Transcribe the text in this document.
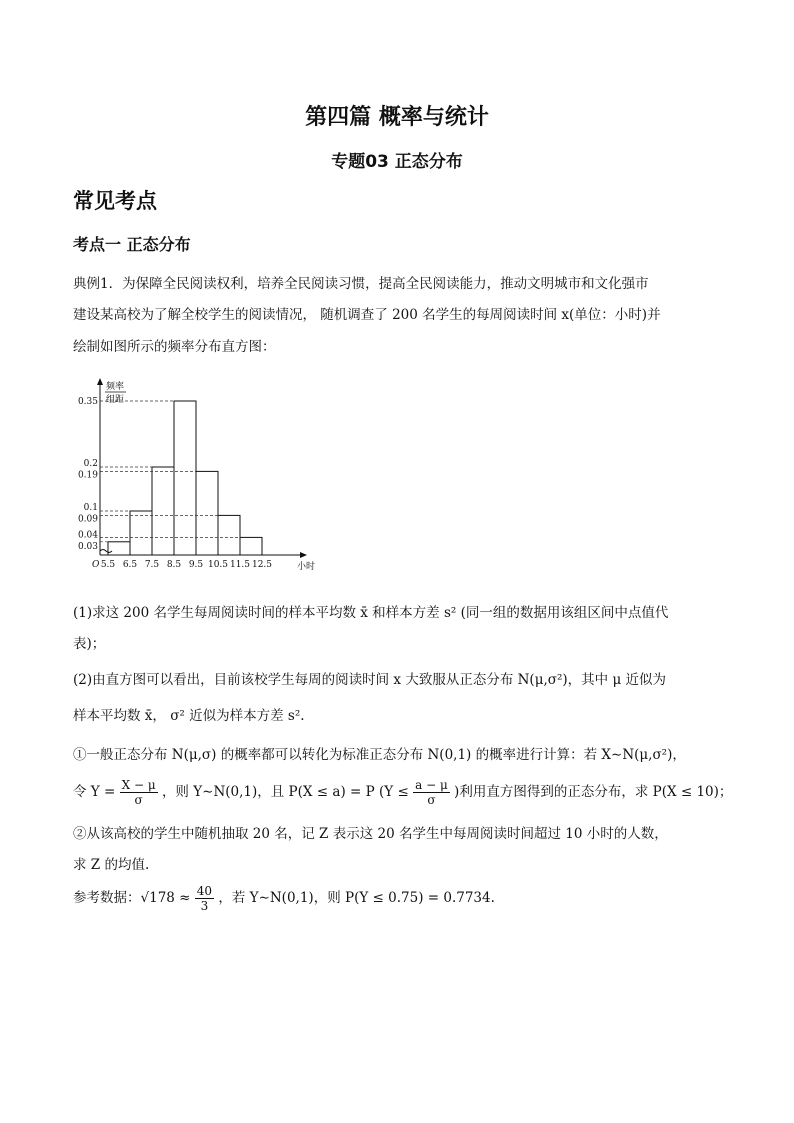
第四篇 概率与统计
专题03 正态分布
常见考点
考点一 正态分布
典例1．为保障全民阅读权利，培养全民阅读习惯，提高全民阅读能力，推动文明城市和文化强市
建设某高校为了解全校学生的阅读情况， 随机调查了 200 名学生的每周阅读时间 x(单位：小时)并
绘制如图所示的频率分布直方图：
频率
组距
0.35
0.2
0.19
0.1
0.09
0.04
0.03
5.5 6.5 7.5 8.5 9.5 10.5 11.5 12.5
O	小时
(1)求这 200 名学生每周阅读时间的样本平均数 x̄ 和样本方差 s² (同一组的数据用该组区间中点值代
表)；
(2)由直方图可以看出，目前该校学生每周的阅读时间 x 大致服从正态分布 N(μ,σ²)，其中 μ 近似为
样本平均数 x̄， σ² 近似为样本方差 s².
①一般正态分布 N(μ,σ) 的概率都可以转化为标准正态分布 N(0,1) 的概率进行计算：若 X∼N(μ,σ²)，
令 $Y = \frac{X - \mu}{\sigma}$ ，则 Y∼N(0,1)，且 P(X ≤ a) = P ($Y \le \frac{a - \mu}{\sigma}$ )利用直方图得到的正态分布，求 P(X ≤ 10)；
②从该高校的学生中随机抽取 20 名，记 Z 表示这 20 名学生中每周阅读时间超过 10 小时的人数，
求 Z 的均值.
参考数据：$√178 \approx \frac{40}{3}$ ，若 Y∼N(0,1)，则 P(Y ≤ 0.75) = 0.7734.
